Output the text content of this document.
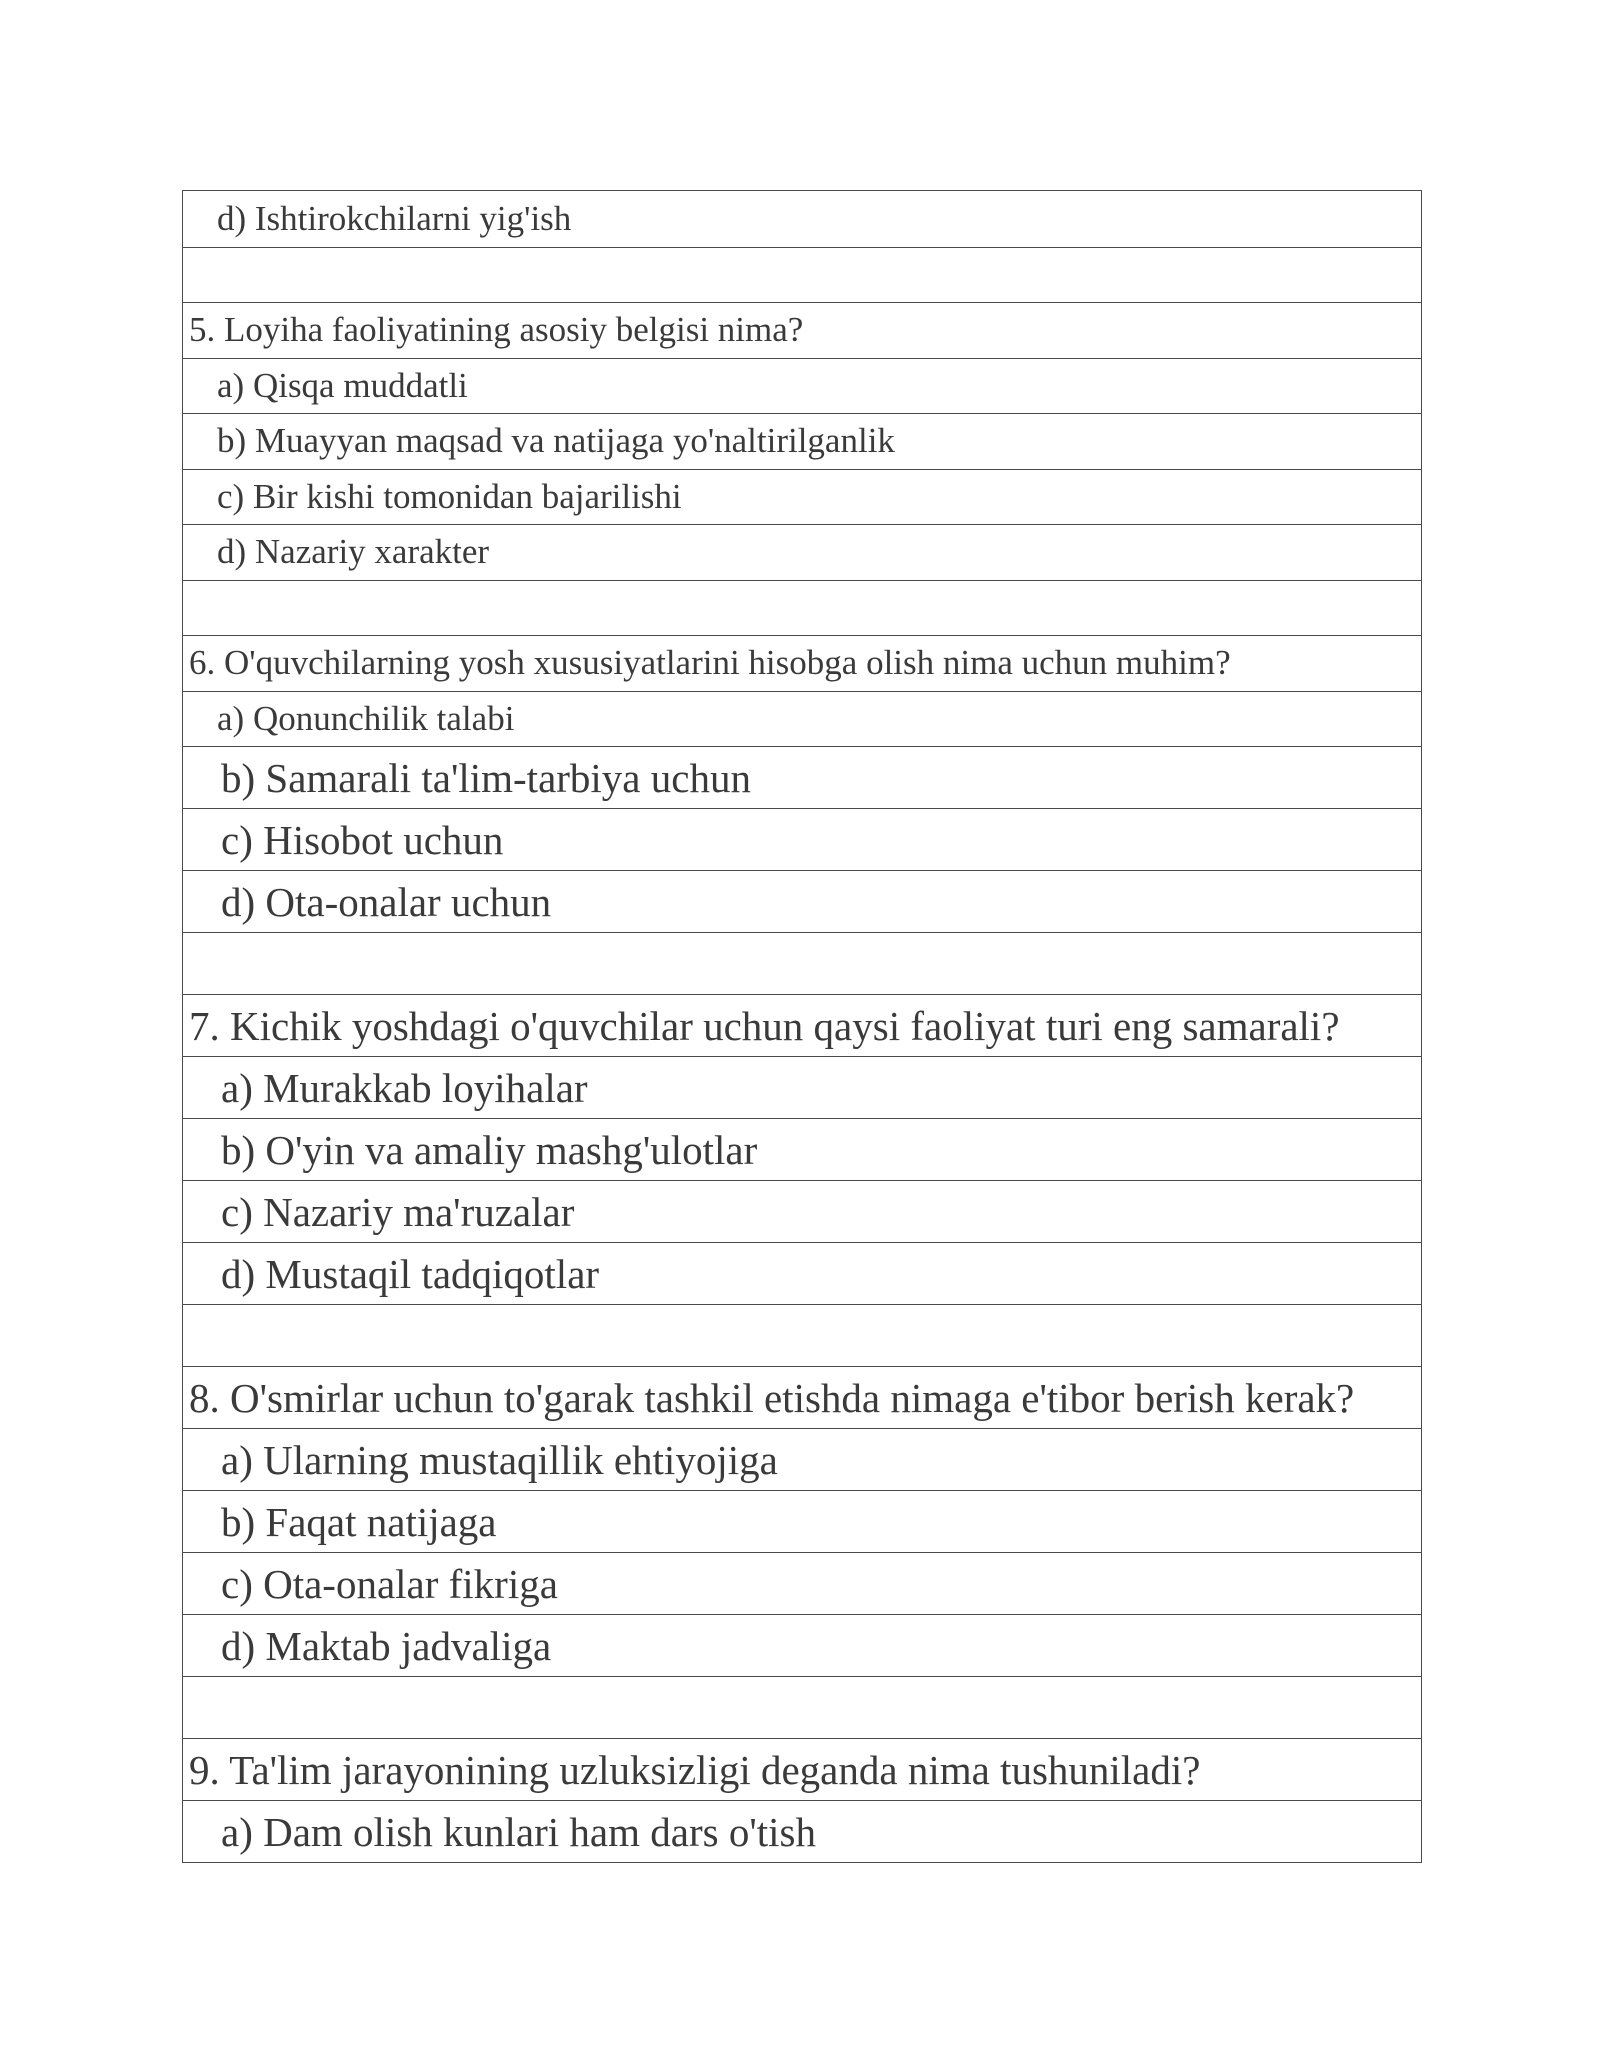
d) Ishtirokchilarni yig'ish
5. Loyiha faoliyatining asosiy belgisi nima?
a) Qisqa muddatli
b) Muayyan maqsad va natijaga yo'naltirilganlik
c) Bir kishi tomonidan bajarilishi
d) Nazariy xarakter
6. O'quvchilarning yosh xususiyatlarini hisobga olish nima uchun muhim?
a) Qonunchilik talabi
b) Samarali ta'lim-tarbiya uchun
c) Hisobot uchun
d) Ota-onalar uchun
7. Kichik yoshdagi o'quvchilar uchun qaysi faoliyat turi eng samarali?
a) Murakkab loyihalar
b) O'yin va amaliy mashg'ulotlar
c) Nazariy ma'ruzalar
d) Mustaqil tadqiqotlar
8. O'smirlar uchun to'garak tashkil etishda nimaga e'tibor berish kerak?
a) Ularning mustaqillik ehtiyojiga
b) Faqat natijaga
c) Ota-onalar fikriga
d) Maktab jadvaliga
9. Ta'lim jarayonining uzluksizligi deganda nima tushuniladi?
a) Dam olish kunlari ham dars o'tish
